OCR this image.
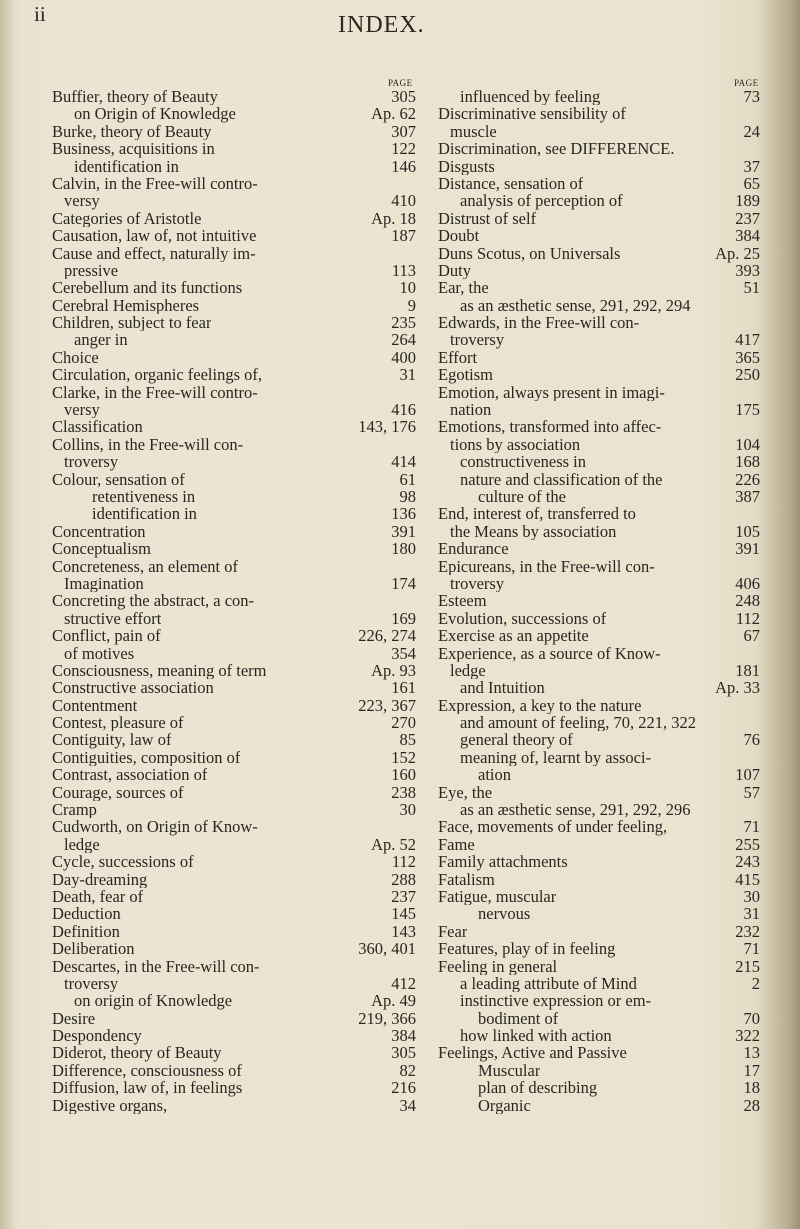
ii	INDEX.
PAGE	PAGE
Buffier, theory of Beauty	305
on Origin of Knowledge	Ap. 62
Burke, theory of Beauty	307
Business, acquisitions in	122
identification in	146
Calvin, in the Free-will contro-
versy	410
Categories of Aristotle	Ap. 18
Causation, law of, not intuitive	187
Cause and effect, naturally im-
pressive	113
Cerebellum and its functions	10
Cerebral Hemispheres	9
Children, subject to fear	235
anger in	264
Choice	400
Circulation, organic feelings of,	31
Clarke, in the Free-will contro-
versy	416
Classification	143, 176
Collins, in the Free-will con-
troversy	414
Colour, sensation of	61
retentiveness in	98
identification in	136
Concentration	391
Conceptualism	180
Concreteness, an element of
Imagination	174
Concreting the abstract, a con-
structive effort	169
Conflict, pain of	226, 274
of motives	354
Consciousness, meaning of term	Ap. 93
Constructive association	161
Contentment	223, 367
Contest, pleasure of	270
Contiguity, law of	85
Contiguities, composition of	152
Contrast, association of	160
Courage, sources of	238
Cramp	30
Cudworth, on Origin of Know-
ledge	Ap. 52
Cycle, successions of	112
Day-dreaming	288
Death, fear of	237
Deduction	145
Definition	143
Deliberation	360, 401
Descartes, in the Free-will con-
troversy	412
on origin of Knowledge	Ap. 49
Desire	219, 366
Despondency	384
Diderot, theory of Beauty	305
Difference, consciousness of	82
Diffusion, law of, in feelings	216
Digestive organs,	34
influenced by feeling	73
Discriminative sensibility of
muscle	24
Discrimination, see DIFFERENCE.
Disgusts	37
Distance, sensation of	65
analysis of perception of	189
Distrust of self	237
Doubt	384
Duns Scotus, on Universals	Ap. 25
Duty	393
Ear, the	51
as an æsthetic sense, 291, 292, 294
Edwards, in the Free-will con-
troversy	417
Effort	365
Egotism	250
Emotion, always present in imagi-
nation	175
Emotions, transformed into affec-
tions by association	104
constructiveness in	168
nature and classification of the	226
culture of the	387
End, interest of, transferred to
the Means by association	105
Endurance	391
Epicureans, in the Free-will con-
troversy	406
Esteem	248
Evolution, successions of	112
Exercise as an appetite	67
Experience, as a source of Know-
ledge	181
and Intuition	Ap. 33
Expression, a key to the nature
and amount of feeling, 70, 221, 322
general theory of	76
meaning of, learnt by associ-
ation	107
Eye, the	57
as an æsthetic sense, 291, 292, 296
Face, movements of under feeling,	71
Fame	255
Family attachments	243
Fatalism	415
Fatigue, muscular	30
nervous	31
Fear	232
Features, play of in feeling	71
Feeling in general	215
a leading attribute of Mind	2
instinctive expression or em-
bodiment of	70
how linked with action	322
Feelings, Active and Passive	13
Muscular	17
plan of describing	18
Organic	28
